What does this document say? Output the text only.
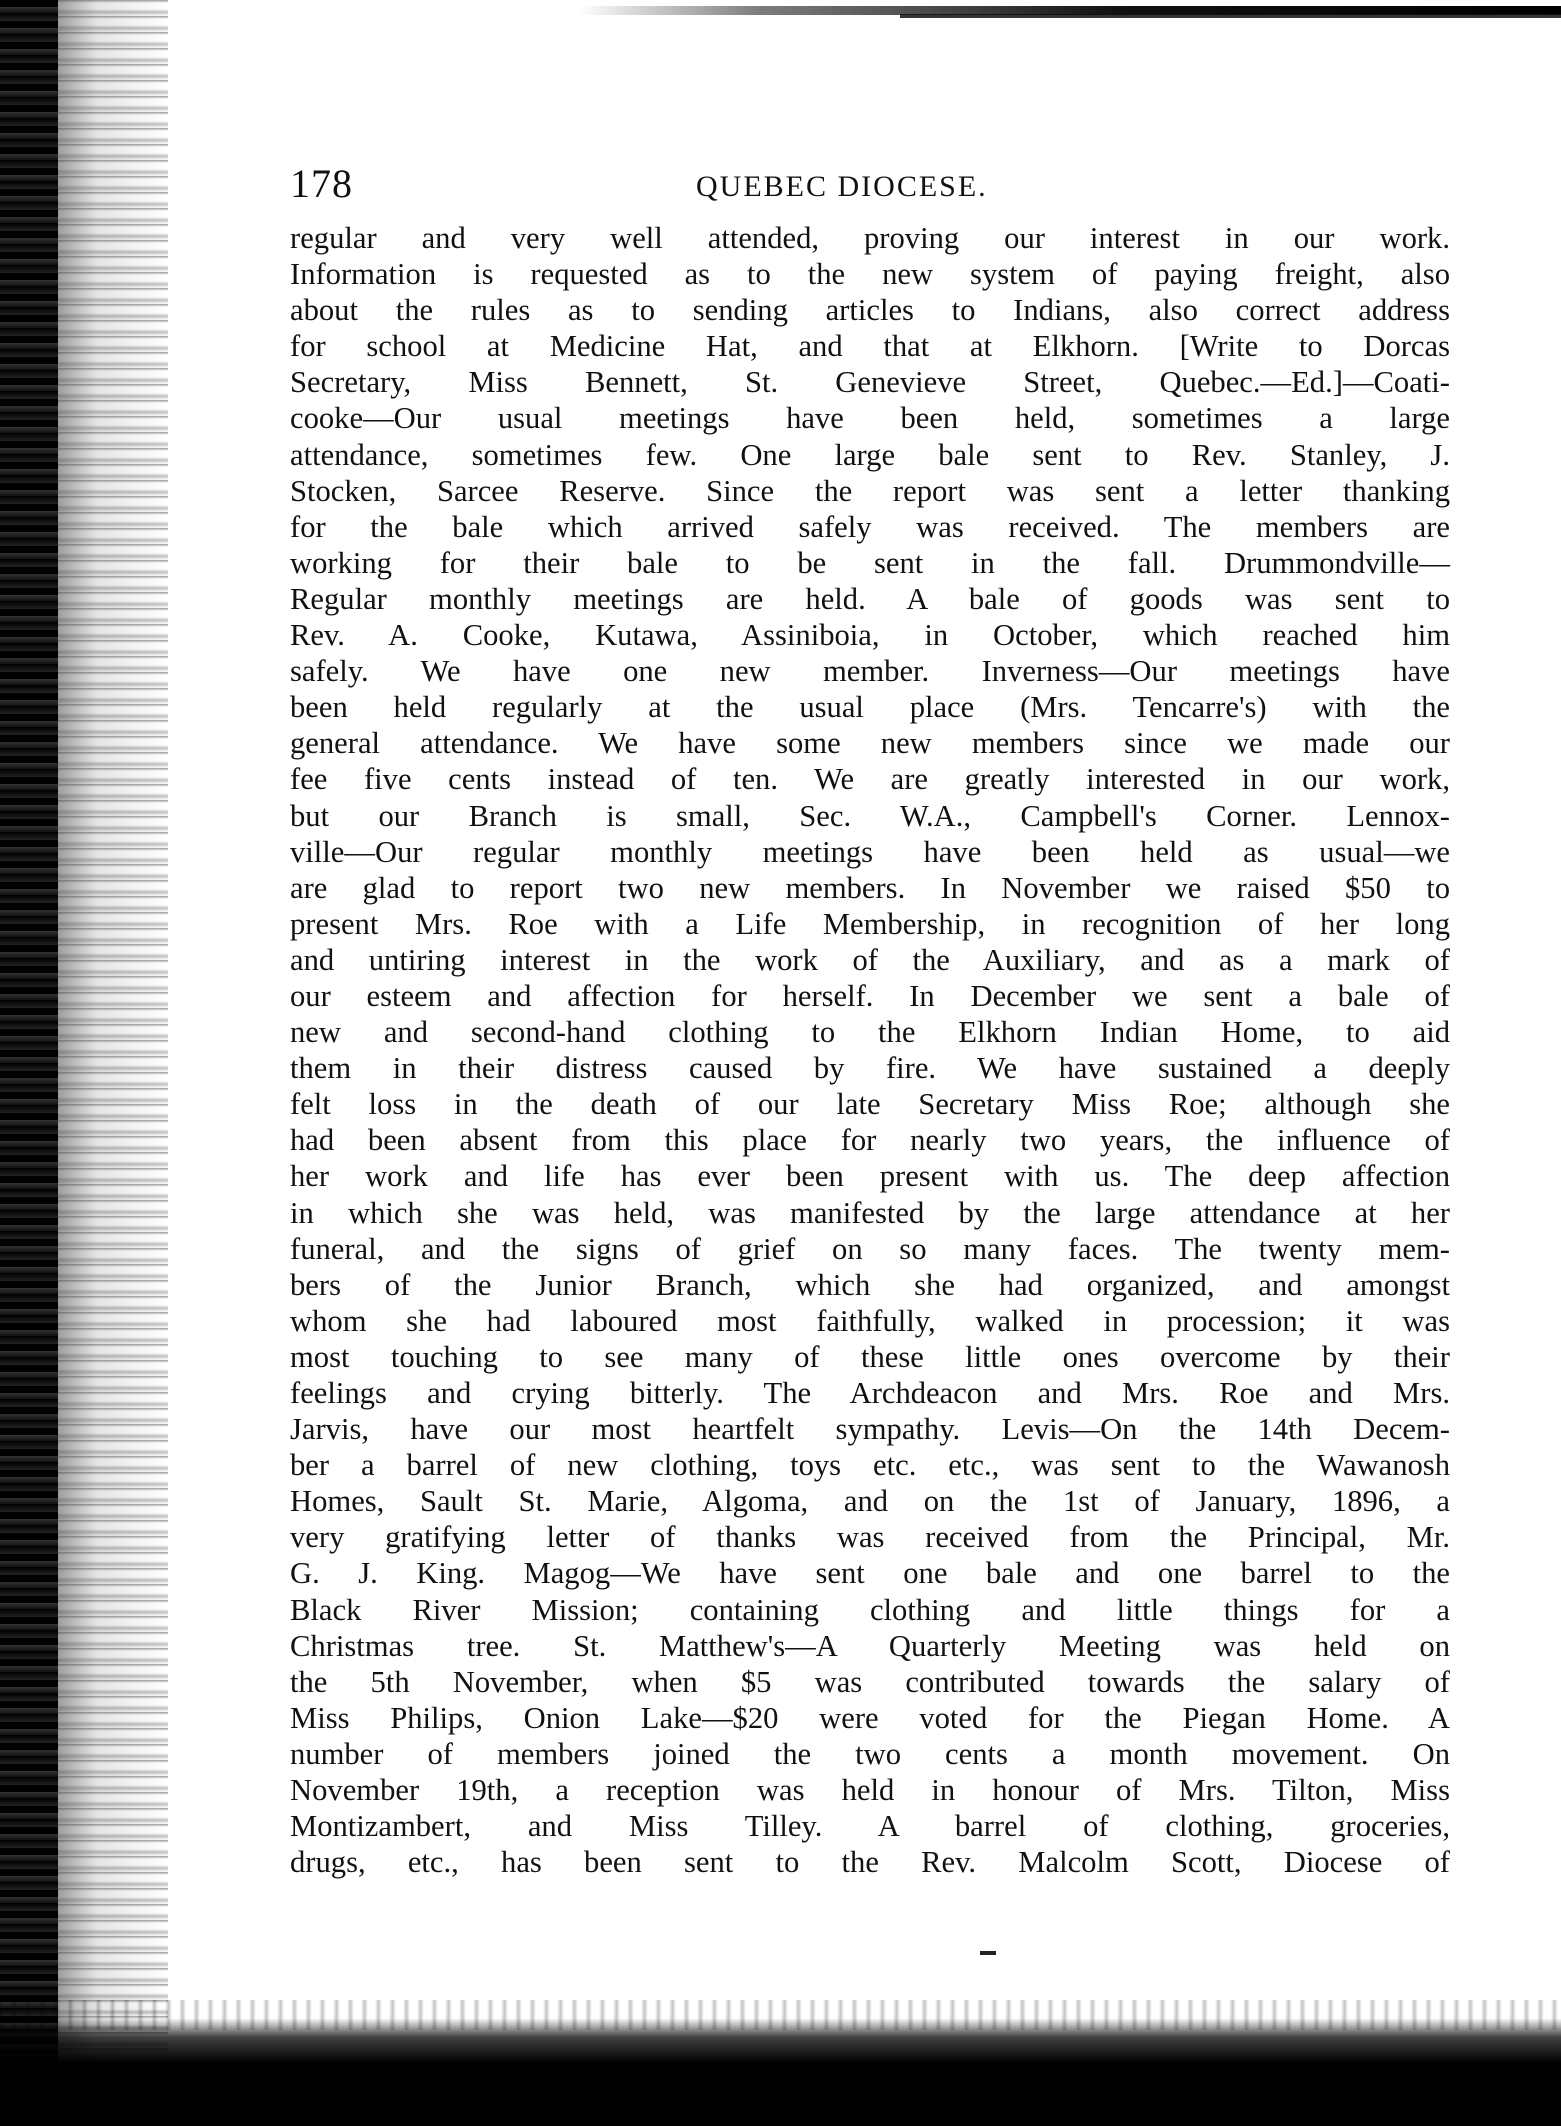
178	QUEBEC DIOCESE.
regular and very well attended, proving our interest in our work.
Information is requested as to the new system of paying freight, also
about the rules as to sending articles to Indians, also correct address
for school at Medicine Hat, and that at Elkhorn. [Write to Dorcas
Secretary, Miss Bennett, St. Genevieve Street, Quebec.—Ed.]—Coati-
cooke—Our usual meetings have been held, sometimes a large
attendance, sometimes few. One large bale sent to Rev. Stanley, J.
Stocken, Sarcee Reserve. Since the report was sent a letter thanking
for the bale which arrived safely was received. The members are
working for their bale to be sent in the fall. Drummondville—
Regular monthly meetings are held. A bale of goods was sent to
Rev. A. Cooke, Kutawa, Assiniboia, in October, which reached him
safely. We have one new member. Inverness—Our meetings have
been held regularly at the usual place (Mrs. Tencarre's) with the
general attendance. We have some new members since we made our
fee five cents instead of ten. We are greatly interested in our work,
but our Branch is small, Sec. W.A., Campbell's Corner. Lennox-
ville—Our regular monthly meetings have been held as usual—we
are glad to report two new members. In November we raised $50 to
present Mrs. Roe with a Life Membership, in recognition of her long
and untiring interest in the work of the Auxiliary, and as a mark of
our esteem and affection for herself. In December we sent a bale of
new and second-hand clothing to the Elkhorn Indian Home, to aid
them in their distress caused by fire. We have sustained a deeply
felt loss in the death of our late Secretary Miss Roe; although she
had been absent from this place for nearly two years, the influence of
her work and life has ever been present with us. The deep affection
in which she was held, was manifested by the large attendance at her
funeral, and the signs of grief on so many faces. The twenty mem-
bers of the Junior Branch, which she had organized, and amongst
whom she had laboured most faithfully, walked in procession; it was
most touching to see many of these little ones overcome by their
feelings and crying bitterly. The Archdeacon and Mrs. Roe and Mrs.
Jarvis, have our most heartfelt sympathy. Levis—On the 14th Decem-
ber a barrel of new clothing, toys etc. etc., was sent to the Wawanosh
Homes, Sault St. Marie, Algoma, and on the 1st of January, 1896, a
very gratifying letter of thanks was received from the Principal, Mr.
G. J. King. Magog—We have sent one bale and one barrel to the
Black River Mission; containing clothing and little things for a
Christmas tree. St. Matthew's—A Quarterly Meeting was held on
the 5th November, when $5 was contributed towards the salary of
Miss Philips, Onion Lake—$20 were voted for the Piegan Home. A
number of members joined the two cents a month movement. On
November 19th, a reception was held in honour of Mrs. Tilton, Miss
Montizambert, and Miss Tilley. A barrel of clothing, groceries,
drugs, etc., has been sent to the Rev. Malcolm Scott, Diocese of
